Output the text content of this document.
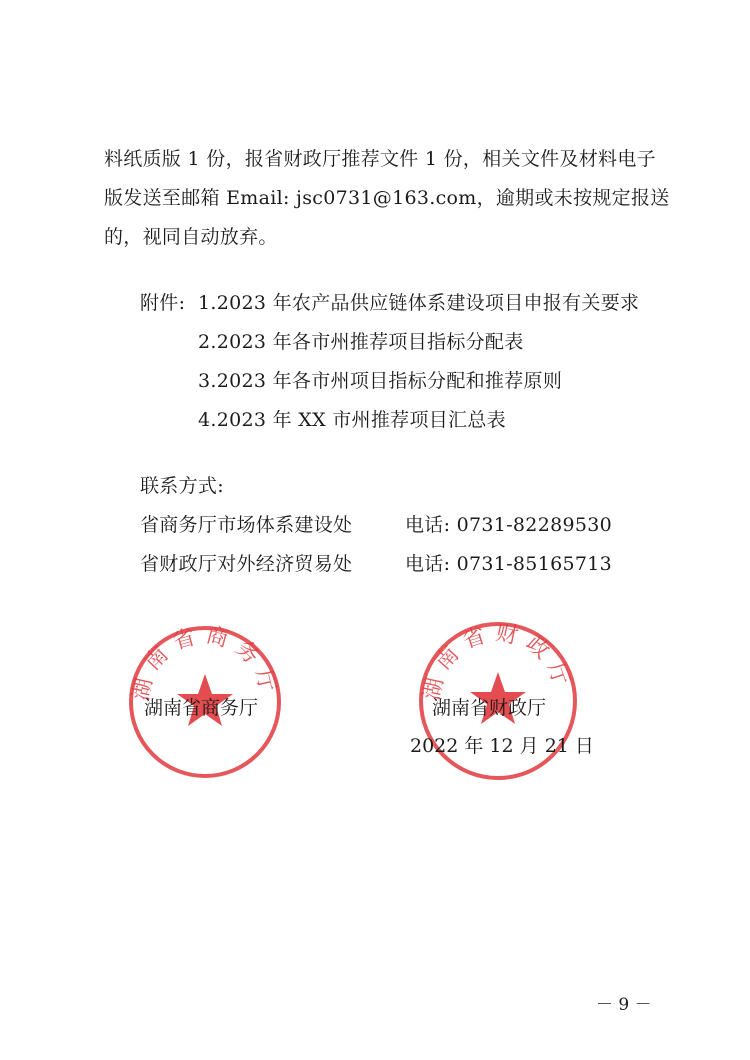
料纸质版 1 份，报省财政厅推荐文件 1 份，相关文件及材料电子
版发送至邮箱 Email: jsc0731@163.com，逾期或未按规定报送
的，视同自动放弃。
附件: 1.2023 年农产品供应链体系建设项目申报有关要求
2.2023 年各市州推荐项目指标分配表
3.2023 年各市州项目指标分配和推荐原则
4.2023 年 XX 市州推荐项目汇总表
联系方式:
省商务厅市场体系建设处	电话: 0731-82289530
省财政厅对外经济贸易处	电话: 0731-85165713
湖南省商务厅	湖南省财政厅
湖南省商务厅	湖南省财政厅
2022 年 12 月 21 日
－ 9 －
